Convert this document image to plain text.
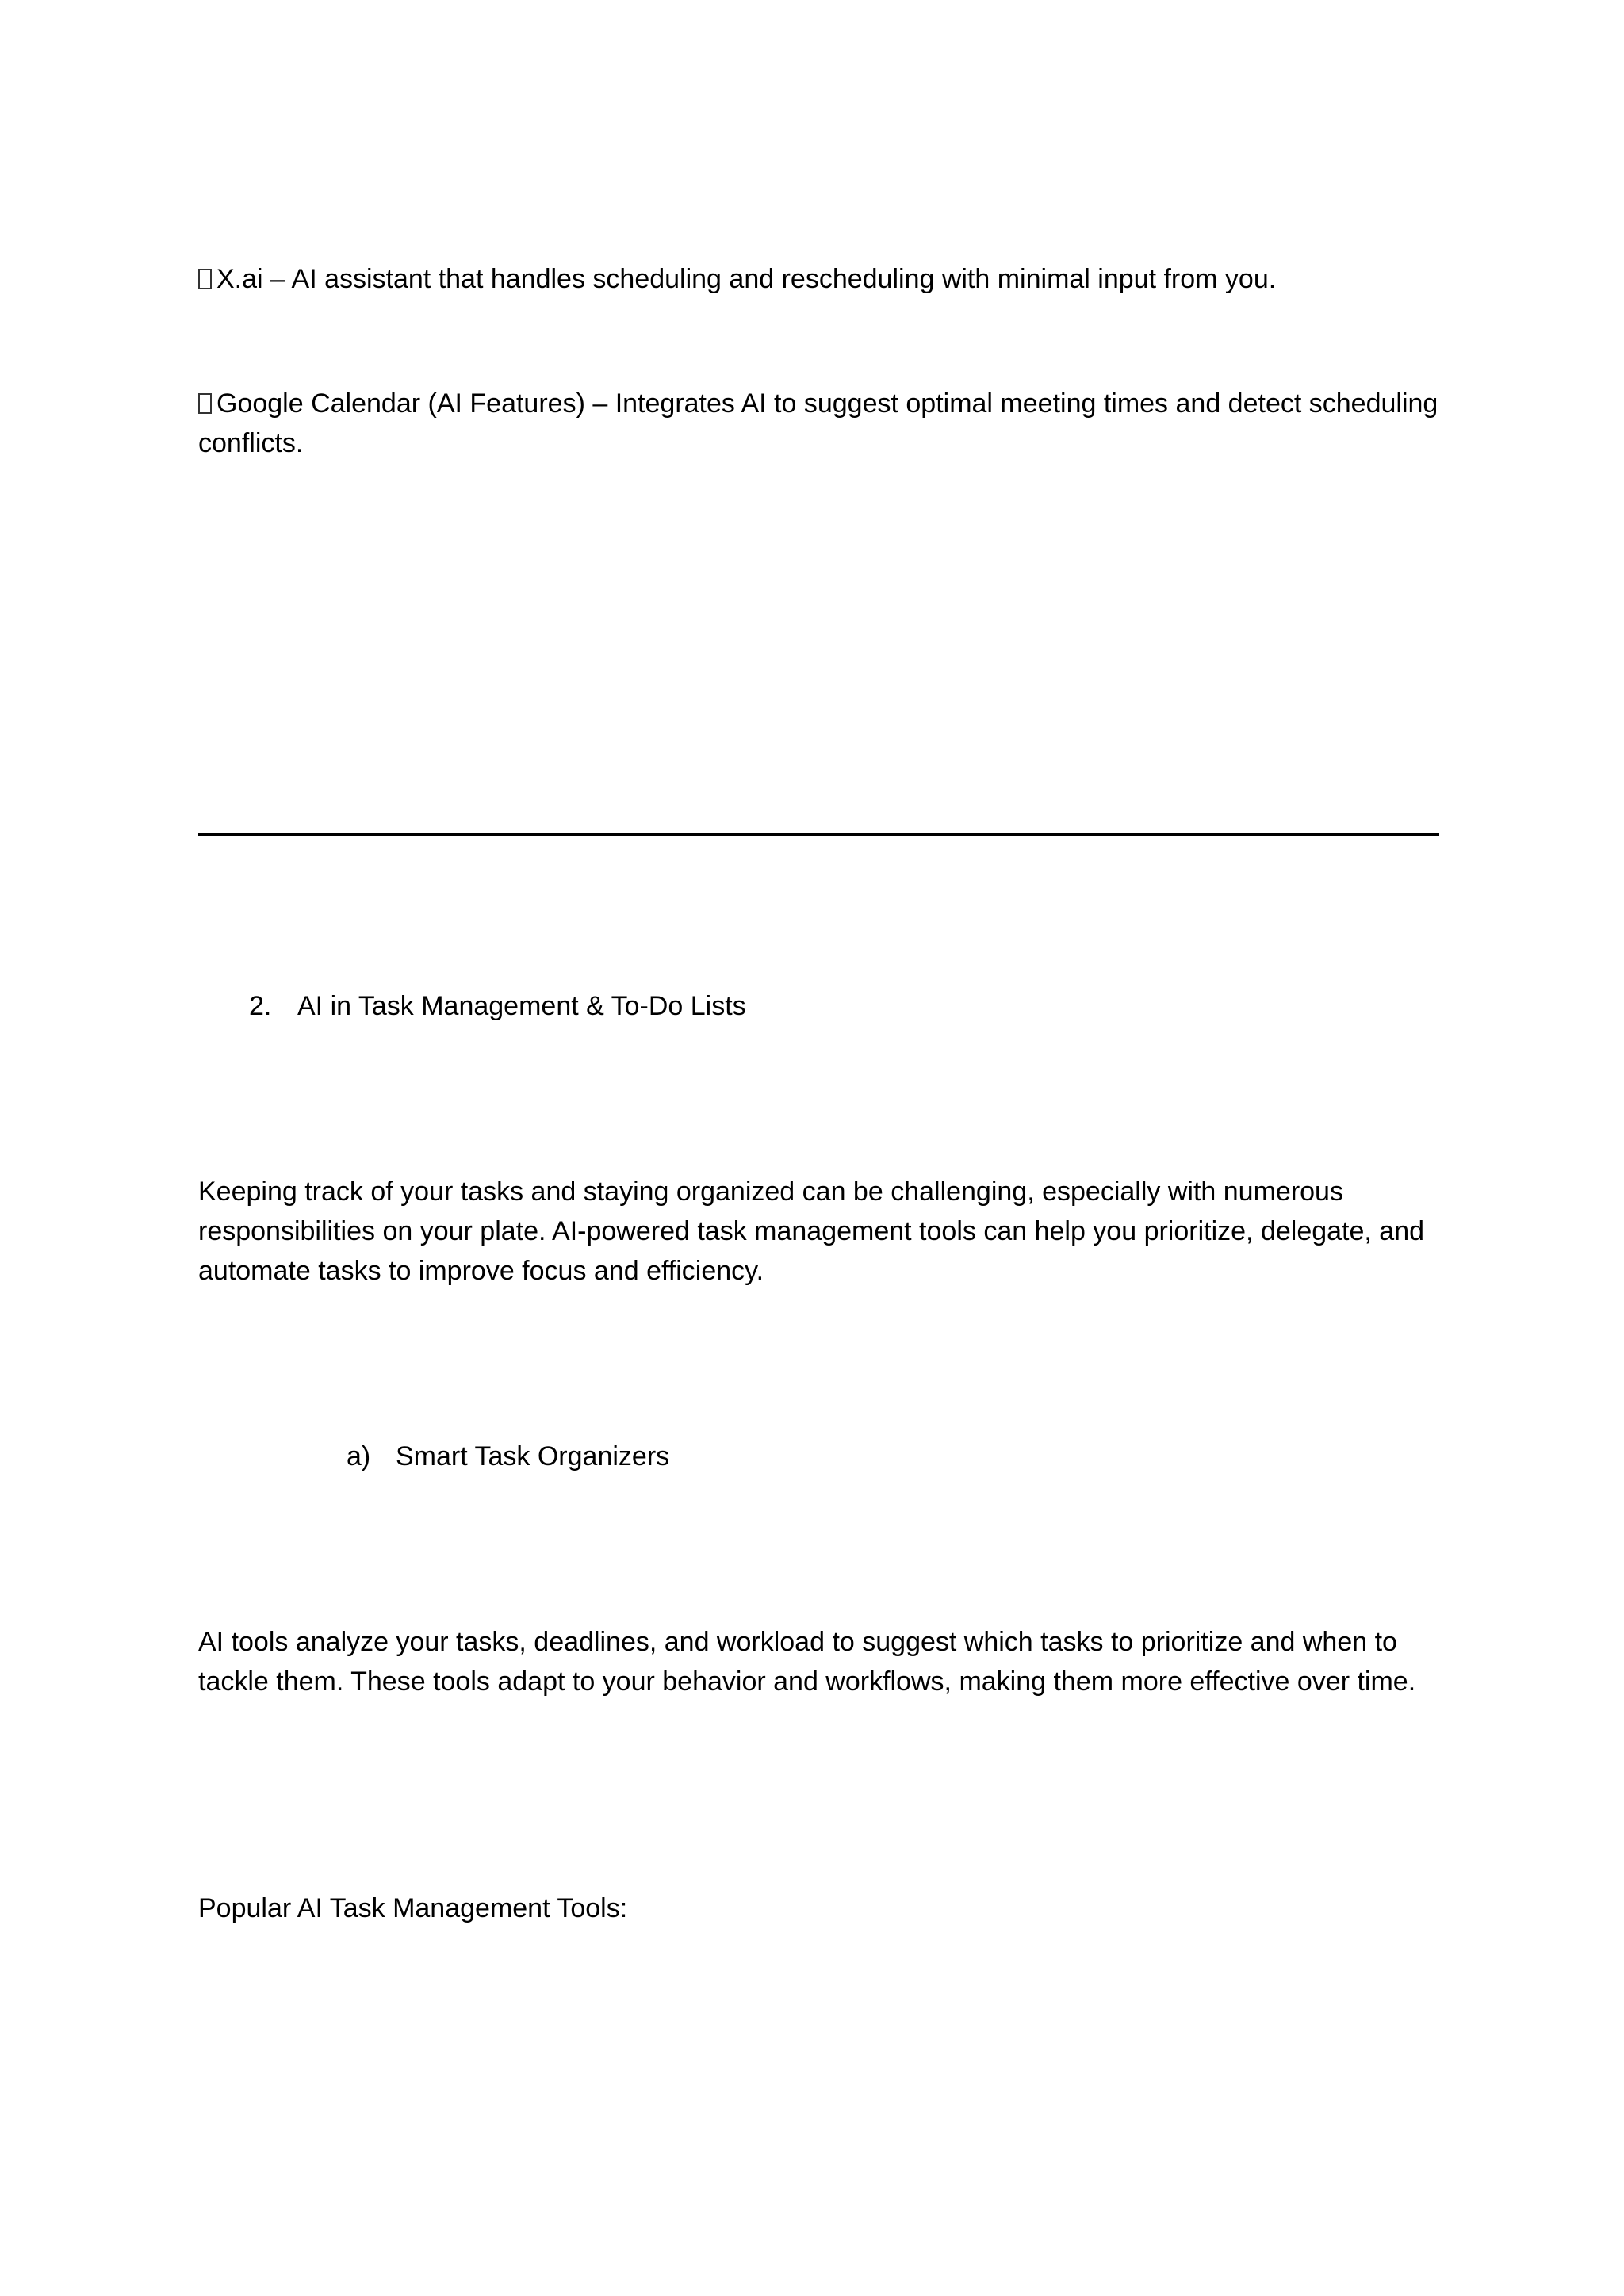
X.ai – AI assistant that handles scheduling and rescheduling with minimal input from you.

Google Calendar (AI Features) – Integrates AI to suggest optimal meeting times and detect scheduling conflicts.

2. AI in Task Management & To-Do Lists

Keeping track of your tasks and staying organized can be challenging, especially with numerous responsibilities on your plate. AI-powered task management tools can help you prioritize, delegate, and automate tasks to improve focus and efficiency.

a) Smart Task Organizers

AI tools analyze your tasks, deadlines, and workload to suggest which tasks to prioritize and when to tackle them. These tools adapt to your behavior and workflows, making them more effective over time.

Popular AI Task Management Tools:
